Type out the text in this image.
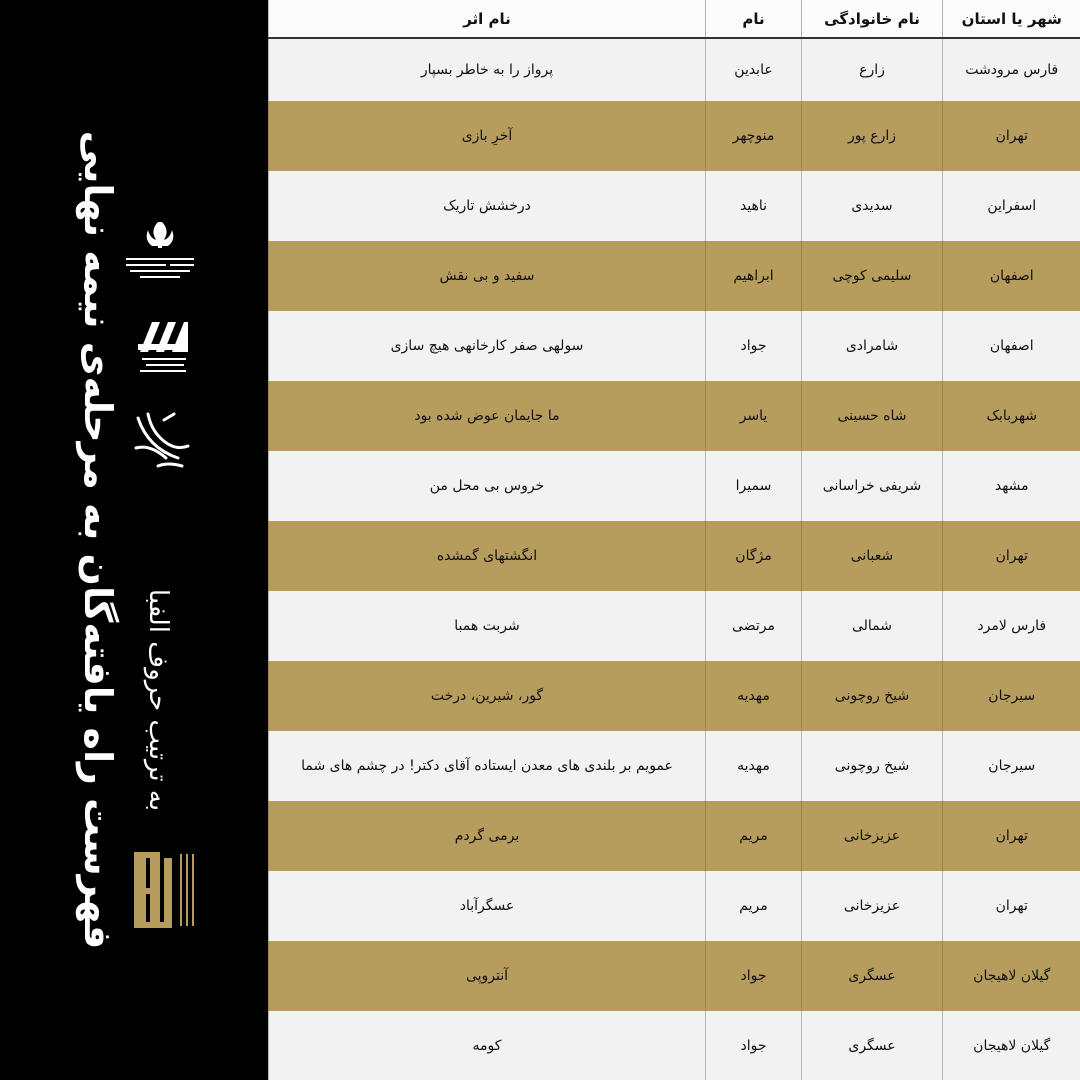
فهرست راه یافته‌گان به مرحله‌ی نیمه نهایی به ترتیب حروف الفبا
شهر یا استان	نام خانوادگی	نام	نام اثر
فارس مرودشت	زارع	عابدین	پرواز را به خاطر بسپار
تهران	زارع پور	منوچهر	آخرِ بازی
اسفراین	سدیدی	ناهید	درخشش تاریک
اصفهان	سلیمی کوچی	ابراهیم	سفید و بی نقش
اصفهان	شامرادی	جواد	سولهی صفر کارخانهی هیچ سازی
شهربابک	شاه حسینی	یاسر	ما جایمان عوض شده بود
مشهد	شریفی خراسانی	سمیرا	خروس بی محل من
تهران	شعبانی	مژگان	انگشتهای گمشده
فارس لامرد	شمالی	مرتضی	شربت همبا
سیرجان	شیخ روچونی	مهدیه	گور، شیرین، درخت
سیرجان	شیخ روچونی	مهدیه	عمویم بر بلندی های معدن ایستاده آقای دکتر! در چشم های شما
تهران	عزیزخانی	مریم	برمی گردم
تهران	عزیزخانی	مریم	عسگرآباد
گیلان لاهیجان	عسگری	جواد	آنتروپی
گیلان لاهیجان	عسگری	جواد	کومه
